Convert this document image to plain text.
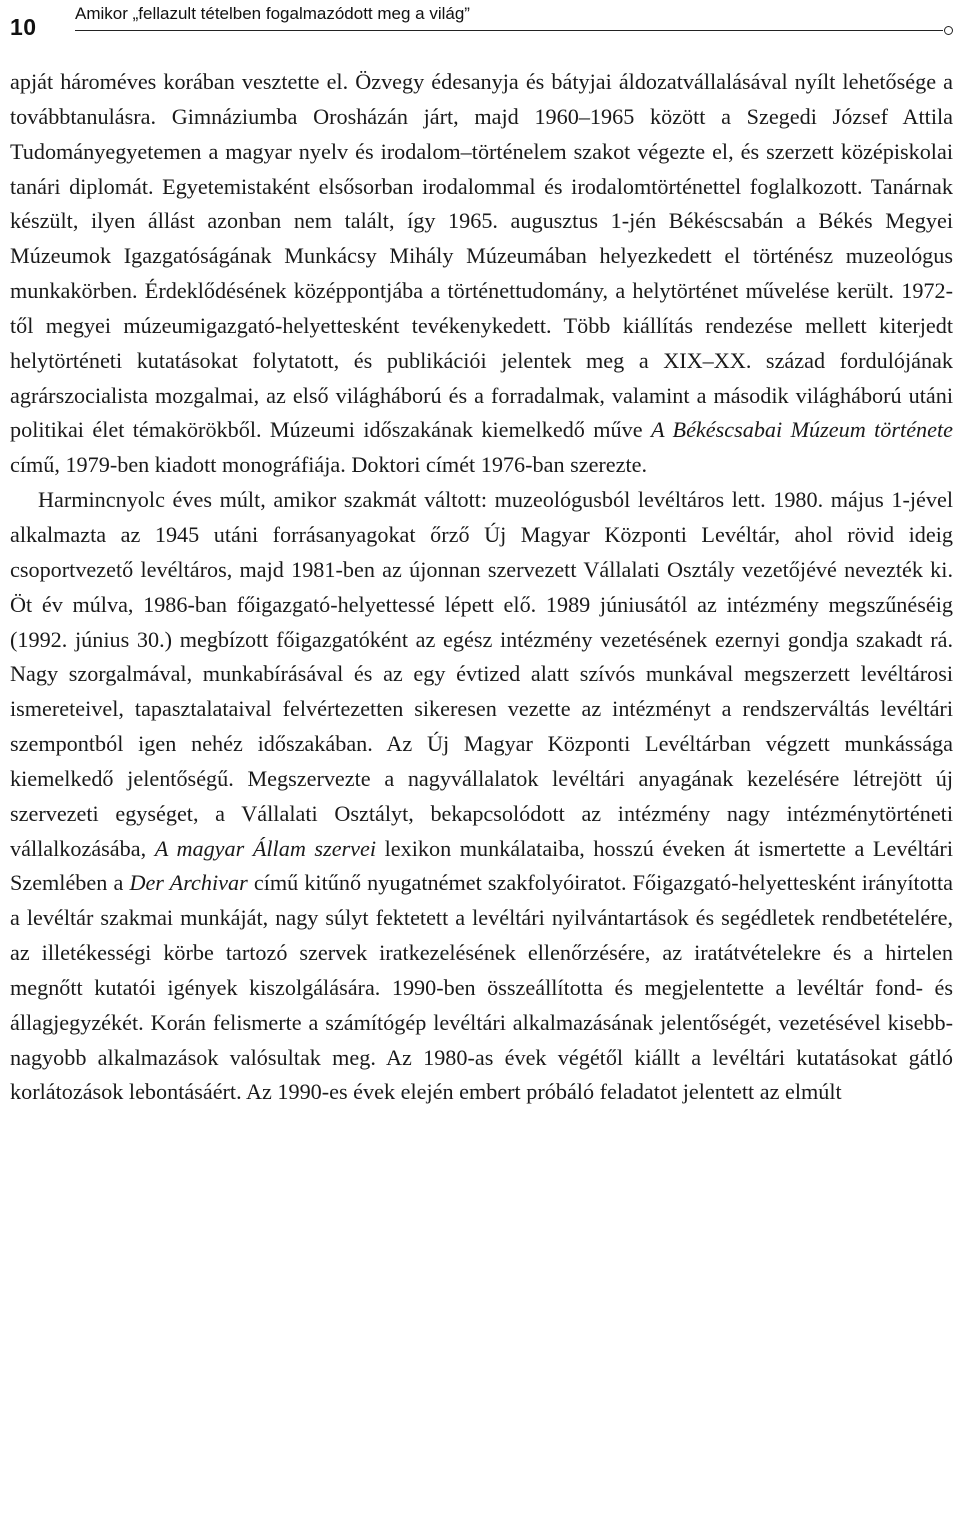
10
Amikor „fellazult tételben fogalmazódott meg a világ”

apját hároméves korában vesztette el. Özvegy édesanyja és bátyjai áldozatvállalásával nyílt lehetősége a továbbtanulásra. Gimnáziumba Orosházán járt, majd 1960–1965 között a Szegedi József Attila Tudományegyetemen a magyar nyelv és irodalom–történelem szakot végezte el, és szerzett középiskolai tanári diplomát. Egyetemistaként elsősorban irodalommal és irodalomtörténettel foglalkozott. Tanárnak készült, ilyen állást azonban nem talált, így 1965. augusztus 1-jén Békéscsabán a Békés Megyei Múzeumok Igazgatóságának Munkácsy Mihály Múzeumában helyezkedett el történész muzeológus munkakörben. Érdeklődésének középpontjába a történettudomány, a helytörténet művelése került. 1972-től megyei múzeumigazgató-helyettesként tevékenykedett. Több kiállítás rendezése mellett kiterjedt helytörténeti kutatásokat folytatott, és publikációi jelentek meg a XIX–XX. század fordulójának agrárszocialista mozgalmai, az első világháború és a forradalmak, valamint a második világháború utáni politikai élet témakörökből. Múzeumi időszakának kiemelkedő műve A Békéscsabai Múzeum története című, 1979-ben kiadott monográfiája. Doktori címét 1976-ban szerezte.

Harmincnyolc éves múlt, amikor szakmát váltott: muzeológusból levéltáros lett. 1980. május 1-jével alkalmazta az 1945 utáni forrásanyagokat őrző Új Magyar Központi Levéltár, ahol rövid ideig csoportvezető levéltáros, majd 1981-ben az újonnan szervezett Vállalati Osztály vezetőjévé nevezték ki. Öt év múlva, 1986-ban főigazgató-helyettessé lépett elő. 1989 júniusától az intézmény megszűnéséig (1992. június 30.) megbízott főigazgatóként az egész intézmény vezetésének ezernyi gondja szakadt rá. Nagy szorgalmával, munkabírásával és az egy évtized alatt szívós munkával megszerzett levéltárosi ismereteivel, tapasztalataival felvértezetten sikeresen vezette az intézményt a rendszerváltás levéltári szempontból igen nehéz időszakában. Az Új Magyar Központi Levéltárban végzett munkássága kiemelkedő jelentőségű. Megszervezte a nagyvállalatok levéltári anyagának kezelésére létrejött új szervezeti egységet, a Vállalati Osztályt, bekapcsolódott az intézmény nagy intézménytörténeti vállalkozásába, A magyar Állam szervei lexikon munkálataiba, hosszú éveken át ismertette a Levéltári Szemlében a Der Archivar című kitűnő nyugatnémet szakfolyóiratot. Főigazgató-helyettesként irányította a levéltár szakmai munkáját, nagy súlyt fektetett a levéltári nyilvántartások és segédletek rendbetételére, az illetékességi körbe tartozó szervek iratkezelésének ellenőrzésére, az iratátvételekre és a hirtelen megnőtt kutatói igények kiszolgálására. 1990-ben összeállította és megjelentette a levéltár fond- és állagjegyzékét. Korán felismerte a számítógép levéltári alkalmazásának jelentőségét, vezetésével kisebb-nagyobb alkalmazások valósultak meg. Az 1980-as évek végétől kiállt a levéltári kutatásokat gátló korlátozások lebontásáért. Az 1990-es évek elején embert próbáló feladatot jelentett az elmúlt
